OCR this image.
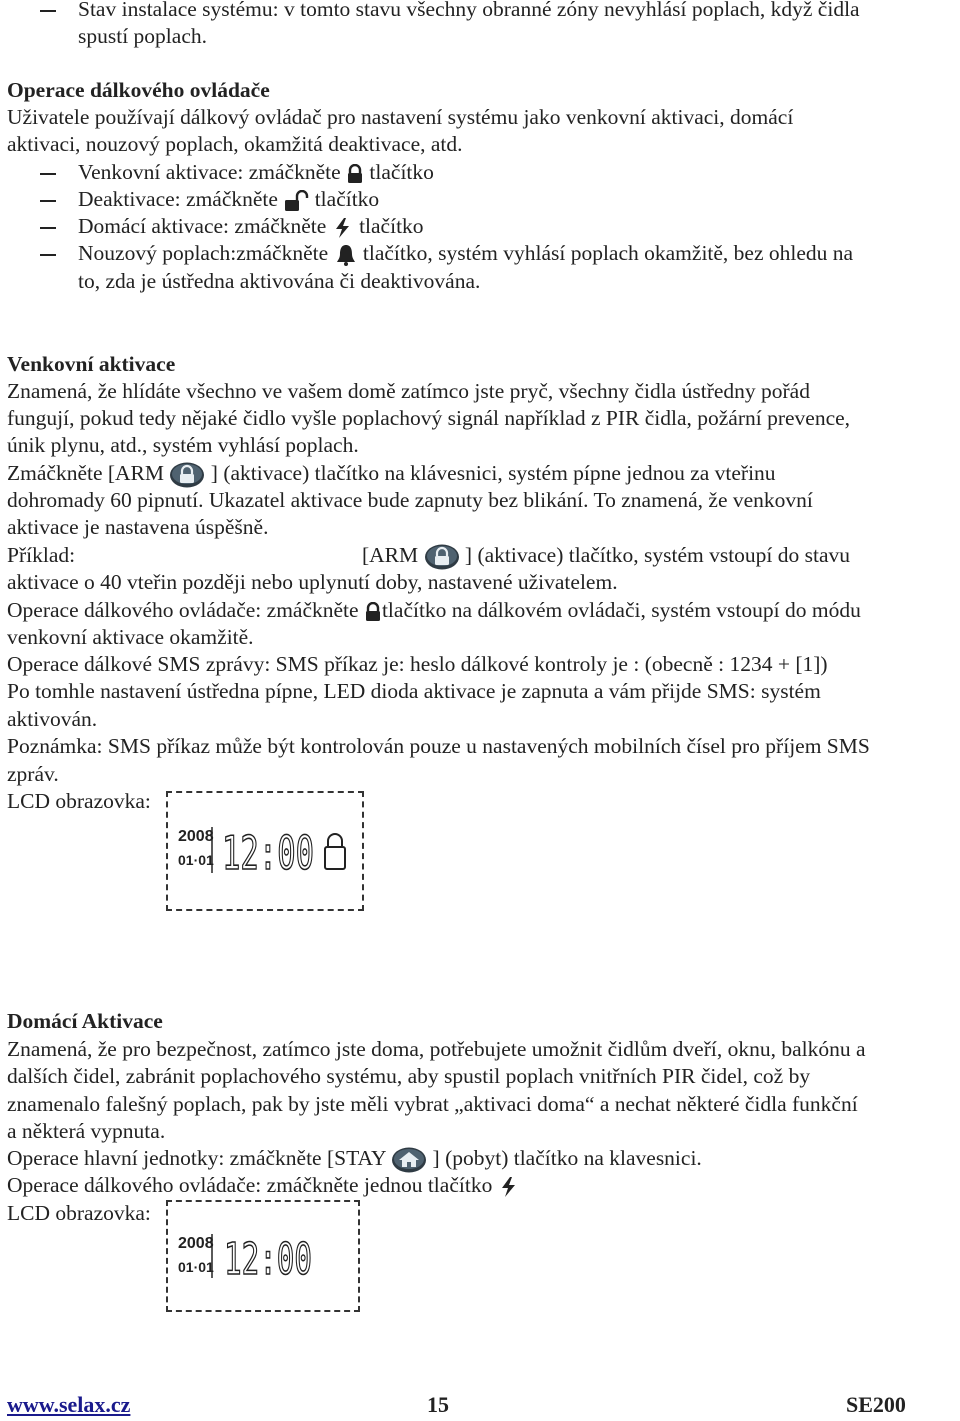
Stav instalace systému: v tomto stavu všechny obranné zóny nevyhlásí poplach, když čidla
spustí poplach.
Operace dálkového ovládače
Uživatele používají dálkový ovládač pro nastavení systému jako venkovní aktivaci, domácí
aktivaci, nouzový poplach, okamžitá deaktivace, atd.
Venkovní aktivace: zmáčkněte  tlačítko
Deaktivace: zmáčkněte  tlačítko
Domácí aktivace: zmáčkněte  tlačítko
Nouzový poplach:zmáčkněte  tlačítko, systém vyhlásí poplach okamžitě, bez ohledu na
to, zda je ústředna aktivována či deaktivována.
Venkovní aktivace
Znamená, že hlídáte všechno ve vašem domě zatímco jste pryč, všechny čidla ústředny pořád
fungují, pokud tedy nějaké čidlo vyšle poplachový signál například z PIR čidla, požární prevence,
únik plynu, atd., systém vyhlásí poplach.
Zmáčkněte [ARM  ] (aktivace) tlačítko na klávesnici, systém pípne jednou za vteřinu
dohromady 60 pipnutí. Ukazatel aktivace bude zapnuty bez blikání. To znamená, že venkovní
aktivace je nastavena úspěšně.
Příklad:	[ARM  ] (aktivace) tlačítko, systém vstoupí do stavu
aktivace o 40 vteřin později nebo uplynutí doby, nastavené uživatelem.
Operace dálkového ovládače: zmáčkněte tlačítko na dálkovém ovládači, systém vstoupí do módu
venkovní aktivace okamžitě.
Operace dálkové SMS zprávy: SMS příkaz je: heslo dálkové kontroly je : (obecně : 1234 + [1])
Po tomhle nastavení ústředna pípne, LED dioda aktivace je zapnuta a vám přijde SMS: systém
aktivován.
Poznámka: SMS příkaz může být kontrolován pouze u nastavených mobilních čísel pro příjem SMS
zpráv.
LCD obrazovka:
2008
01·01 12:00
Domácí Aktivace
Znamená, že pro bezpečnost, zatímco jste doma, potřebujete umožnit čidlům dveří, oknu, balkónu a
dalších čidel, zabránit poplachového systému, aby spustil poplach vnitřních PIR čidel, což by
znamenalo falešný poplach, pak by jste měli vybrat „aktivaci doma“ a nechat některé čidla funkční
a některá vypnuta.
Operace hlavní jednotky: zmáčkněte [STAY  ] (pobyt) tlačítko na klavesnici.
Operace dálkového ovládače: zmáčkněte jednou tlačítko
LCD obrazovka:
2008
01·01 12:00
www.selax.cz	15	SE200
